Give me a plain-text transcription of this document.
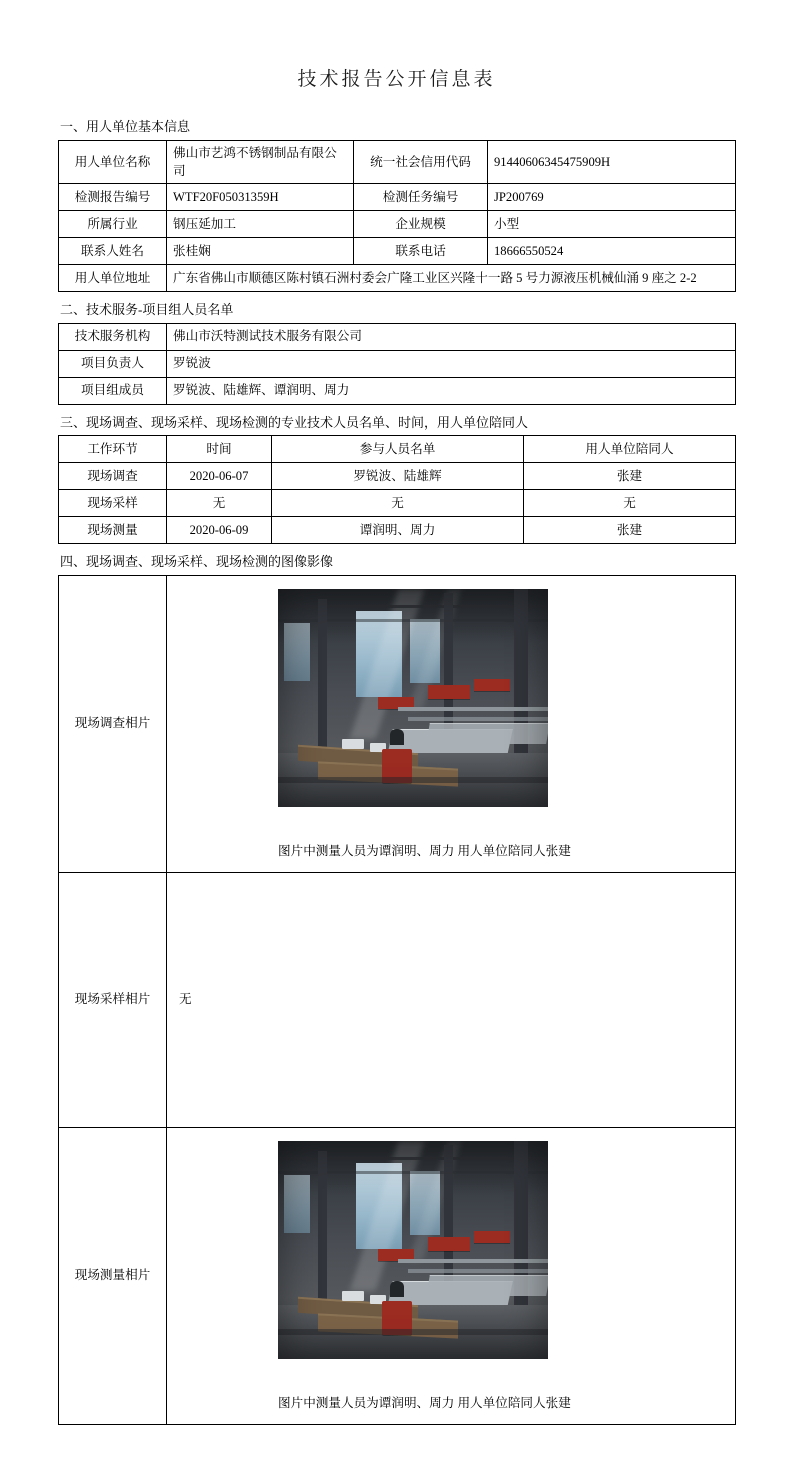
技术报告公开信息表
一、用人单位基本信息
用人单位名称	佛山市艺鸿不锈钢制品有限公司	统一社会信用代码	91440606345475909H
检测报告编号	WTF20F05031359H	检测任务编号	JP200769
所属行业	钢压延加工	企业规模	小型
联系人姓名	张桂娴	联系电话	18666550524
用人单位地址	广东省佛山市顺德区陈村镇石洲村委会广隆工业区兴隆十一路 5 号力源液压机械仙涌 9 座之 2-2		
二、技术服务-项目组人员名单
技术服务机构	佛山市沃特测试技术服务有限公司
项目负责人	罗锐波
项目组成员	罗锐波、陆雄辉、谭润明、周力
三、现场调查、现场采样、现场检测的专业技术人员名单、时间，用人单位陪同人
工作环节	时间	参与人员名单	用人单位陪同人
现场调查	2020-06-07	罗锐波、陆雄辉	张建
现场采样	无	无	无
现场测量	2020-06-09	谭润明、周力	张建
四、现场调查、现场采样、现场检测的图像影像
现场调查相片	图片中测量人员为谭润明、周力 用人单位陪同人张建

现场采样相片	无

现场测量相片	图片中测量人员为谭润明、周力 用人单位陪同人张建
